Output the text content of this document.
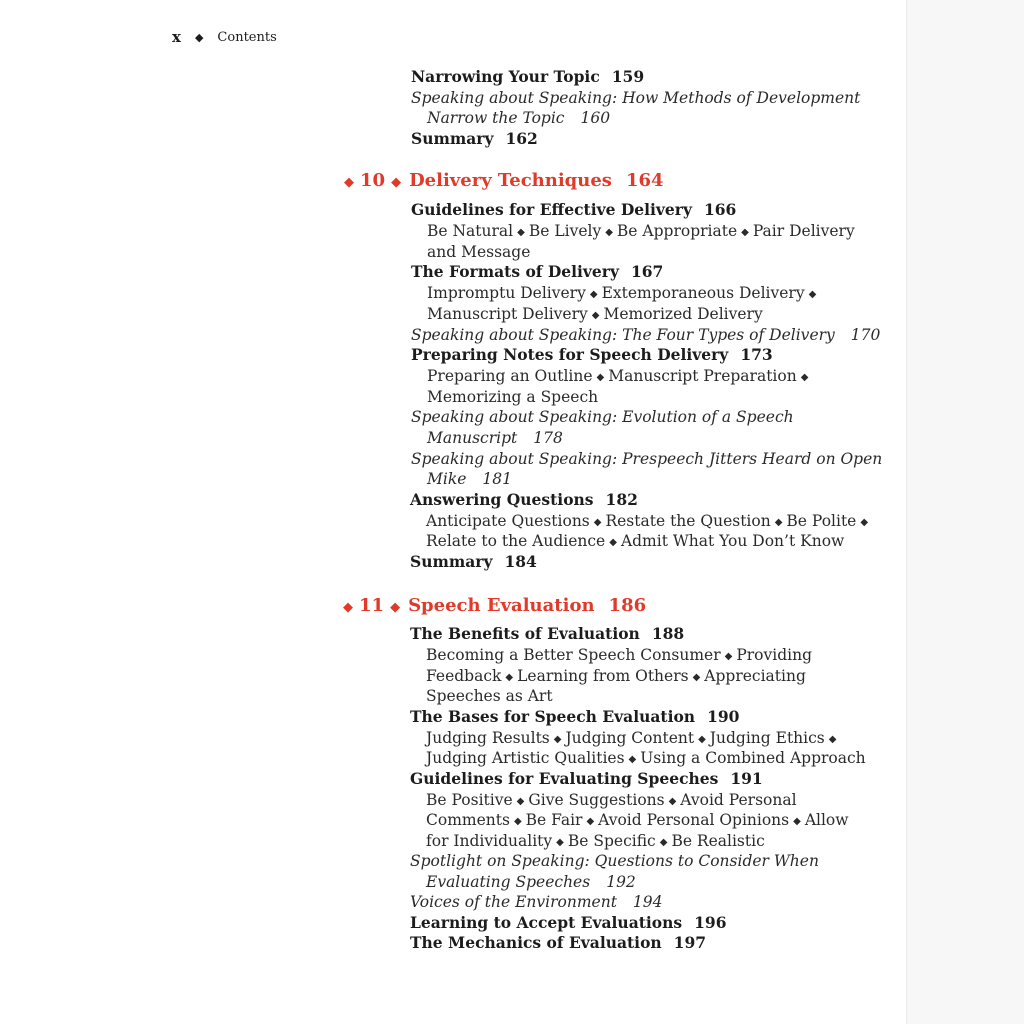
x ◆ Contents
Narrowing Your Topic 159
Speaking about Speaking: How Methods of Development
Narrow the Topic 160
Summary 162
◆ 10 ◆ Delivery Techniques 164
Guidelines for Effective Delivery 166
Be Natural ◆ Be Lively ◆ Be Appropriate ◆ Pair Delivery
and Message
The Formats of Delivery 167
Impromptu Delivery ◆ Extemporaneous Delivery ◆
Manuscript Delivery ◆ Memorized Delivery
Speaking about Speaking: The Four Types of Delivery 170
Preparing Notes for Speech Delivery 173
Preparing an Outline ◆ Manuscript Preparation ◆
Memorizing a Speech
Speaking about Speaking: Evolution of a Speech
Manuscript 178
Speaking about Speaking: Prespeech Jitters Heard on Open
Mike 181
Answering Questions 182
Anticipate Questions ◆ Restate the Question ◆ Be Polite ◆
Relate to the Audience ◆ Admit What You Don’t Know
Summary 184
◆ 11 ◆ Speech Evaluation 186
The Benefits of Evaluation 188
Becoming a Better Speech Consumer ◆ Providing
Feedback ◆ Learning from Others ◆ Appreciating
Speeches as Art
The Bases for Speech Evaluation 190
Judging Results ◆ Judging Content ◆ Judging Ethics ◆
Judging Artistic Qualities ◆ Using a Combined Approach
Guidelines for Evaluating Speeches 191
Be Positive ◆ Give Suggestions ◆ Avoid Personal
Comments ◆ Be Fair ◆ Avoid Personal Opinions ◆ Allow
for Individuality ◆ Be Specific ◆ Be Realistic
Spotlight on Speaking: Questions to Consider When
Evaluating Speeches 192
Voices of the Environment 194
Learning to Accept Evaluations 196
The Mechanics of Evaluation 197
